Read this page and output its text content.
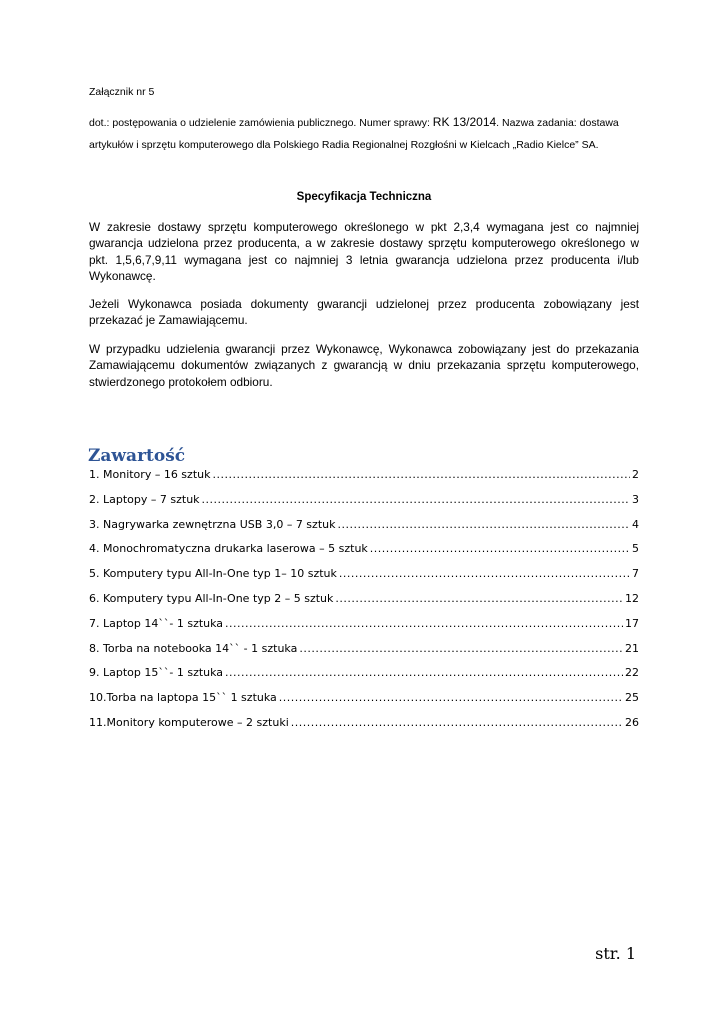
Załącznik nr 5
dot.: postępowania o udzielenie zamówienia publicznego. Numer sprawy: RK 13/2014. Nazwa zadania: dostawa artykułów i sprzętu komputerowego dla Polskiego Radia Regionalnej Rozgłośni w Kielcach „Radio Kielce” SA.
Specyfikacja Techniczna

W zakresie dostawy sprzętu komputerowego określonego w pkt 2,3,4 wymagana jest co najmniej gwarancja udzielona przez producenta, a w zakresie dostawy sprzętu komputerowego określonego w pkt. 1,5,6,7,9,11 wymagana jest co najmniej 3 letnia gwarancja udzielona przez producenta i/lub Wykonawcę.

Jeżeli Wykonawca posiada dokumenty gwarancji udzielonej przez producenta zobowiązany jest przekazać je Zamawiającemu.

W przypadku udzielenia gwarancji przez Wykonawcę, Wykonawca zobowiązany jest do przekazania Zamawiającemu dokumentów związanych z gwarancją w dniu przekazania sprzętu komputerowego, stwierdzonego protokołem odbioru.

Zawartość
1. Monitory – 16 sztuk .....	2
2. Laptopy – 7 sztuk .....	3
3. Nagrywarka zewnętrzna USB 3,0 – 7 sztuk .....	4
4. Monochromatyczna drukarka laserowa – 5 sztuk .....	5
5. Komputery typu All-In-One typ 1– 10 sztuk .....	7
6. Komputery typu All-In-One typ 2 – 5 sztuk .....	12
7. Laptop 14``- 1 sztuka .....	17
8. Torba na notebooka 14`` - 1 sztuka .....	21
9. Laptop 15``- 1 sztuka .....	22
10. Torba na laptopa 15`` 1 sztuka .....	25
11. Monitory komputerowe – 2 sztuki .....	26
str. 1
